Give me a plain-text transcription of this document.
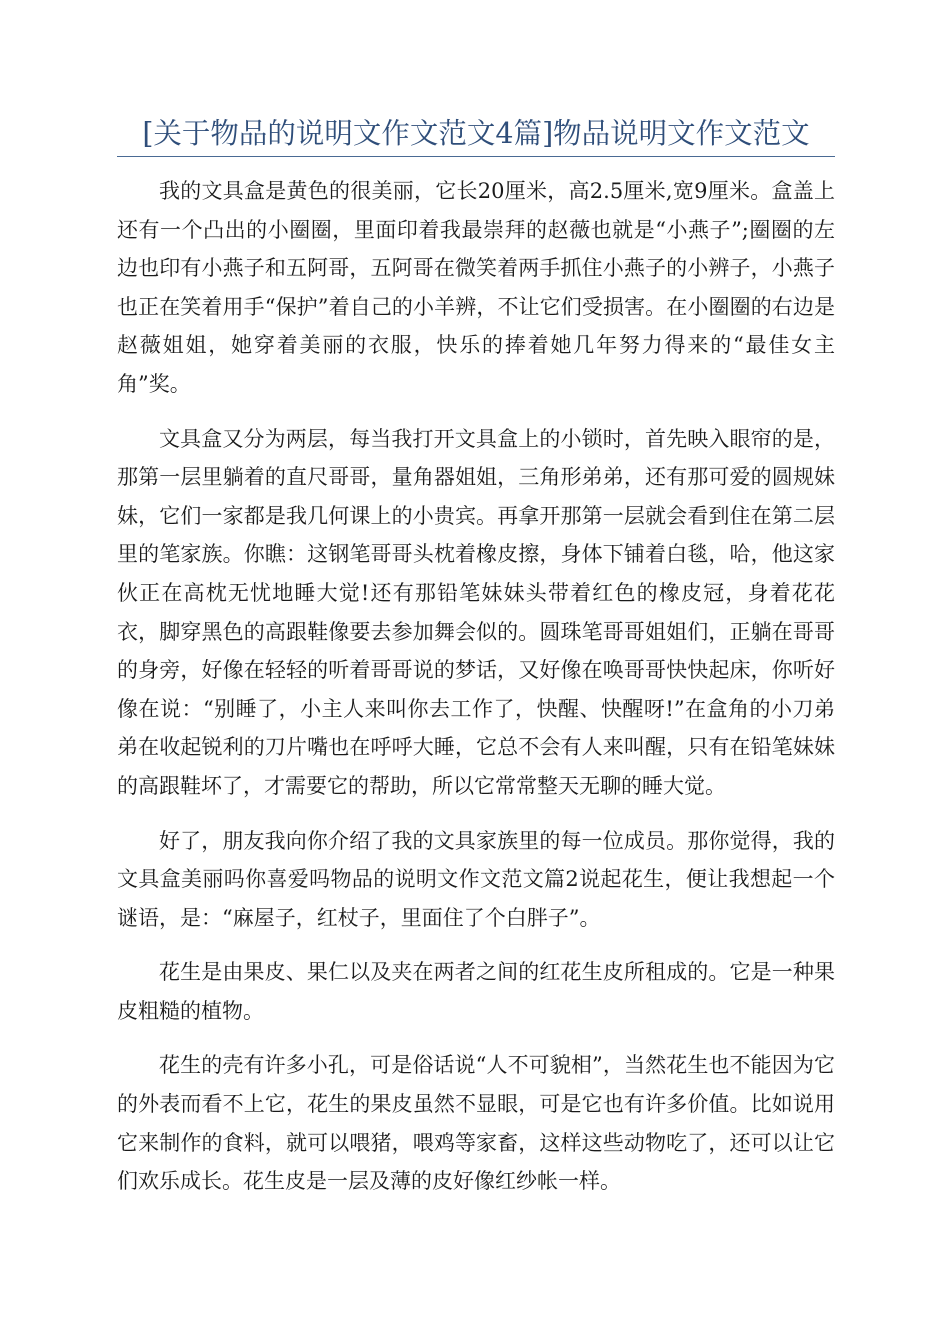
[关于物品的说明文作文范文4篇]物品说明文作文范文

我的文具盒是黄色的很美丽，它长20厘米，高2.5厘米,宽9厘米。盒盖上还有一个凸出的小圈圈，里面印着我最崇拜的赵薇也就是“小燕子”;圈圈的左边也印有小燕子和五阿哥，五阿哥在微笑着两手抓住小燕子的小辨子，小燕子也正在笑着用手“保护”着自己的小羊辨，不让它们受损害。在小圈圈的右边是赵薇姐姐，她穿着美丽的衣服，快乐的捧着她几年努力得来的“最佳女主角”奖。

文具盒又分为两层，每当我打开文具盒上的小锁时，首先映入眼帘的是，那第一层里躺着的直尺哥哥，量角器姐姐，三角形弟弟，还有那可爱的圆规妹妹，它们一家都是我几何课上的小贵宾。再拿开那第一层就会看到住在第二层里的笔家族。你瞧：这钢笔哥哥头枕着橡皮擦，身体下铺着白毯，哈，他这家伙正在高枕无忧地睡大觉!还有那铅笔妹妹头带着红色的橡皮冠，身着花花衣，脚穿黑色的高跟鞋像要去参加舞会似的。圆珠笔哥哥姐姐们，正躺在哥哥的身旁，好像在轻轻的听着哥哥说的梦话，又好像在唤哥哥快快起床，你听好像在说：“别睡了，小主人来叫你去工作了，快醒、快醒呀!”在盒角的小刀弟弟在收起锐利的刀片嘴也在呼呼大睡，它总不会有人来叫醒，只有在铅笔妹妹的高跟鞋坏了，才需要它的帮助，所以它常常整天无聊的睡大觉。

好了，朋友我向你介绍了我的文具家族里的每一位成员。那你觉得，我的文具盒美丽吗你喜爱吗物品的说明文作文范文篇2说起花生，便让我想起一个谜语，是：“麻屋子，红杖子，里面住了个白胖子”。

花生是由果皮、果仁以及夹在两者之间的红花生皮所租成的。它是一种果皮粗糙的植物。

花生的壳有许多小孔，可是俗话说“人不可貌相”，当然花生也不能因为它的外表而看不上它，花生的果皮虽然不显眼，可是它也有许多价值。比如说用它来制作的食料，就可以喂猪，喂鸡等家畜，这样这些动物吃了，还可以让它们欢乐成长。花生皮是一层及薄的皮好像红纱帐一样。
